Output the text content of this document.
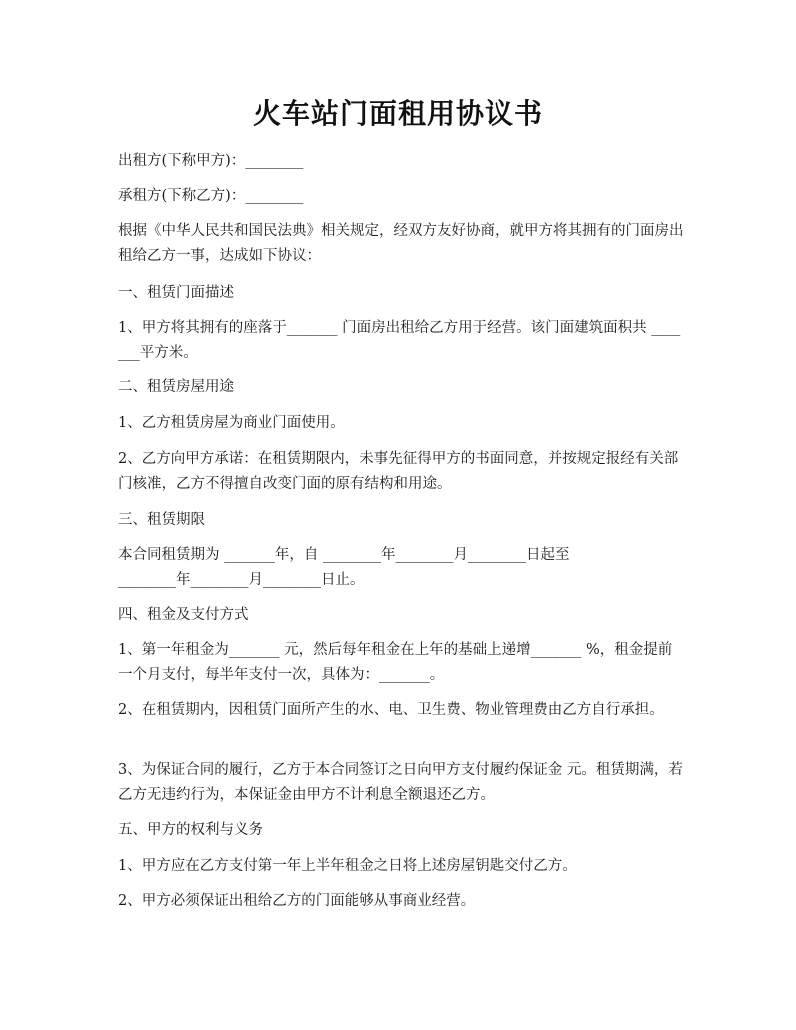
火车站门面租用协议书

出租方(下称甲方)：________

承租方(下称乙方)：________

根据《中华人民共和国民法典》相关规定，经双方友好协商，就甲方将其拥有的门面房出租给乙方一事，达成如下协议：

一、租赁门面描述

1、甲方将其拥有的座落于_______ 门面房出租给乙方用于经营。该门面建筑面积共 _______平方米。

二、租赁房屋用途

1、乙方租赁房屋为商业门面使用。

2、乙方向甲方承诺：在租赁期限内，未事先征得甲方的书面同意，并按规定报经有关部门核准，乙方不得擅自改变门面的原有结构和用途。

三、租赁期限

本合同租赁期为 _______年，自 ________年________月________日起至

________年________月________日止。

四、租金及支付方式

1、第一年租金为_______ 元，然后每年租金在上年的基础上递增_______ %，租金提前一个月支付，每半年支付一次，具体为：_______。

2、在租赁期内，因租赁门面所产生的水、电、卫生费、物业管理费由乙方自行承担。

3、为保证合同的履行，乙方于本合同签订之日向甲方支付履约保证金 元。租赁期满，若乙方无违约行为，本保证金由甲方不计利息全额退还乙方。

五、甲方的权利与义务

1、甲方应在乙方支付第一年上半年租金之日将上述房屋钥匙交付乙方。

2、甲方必须保证出租给乙方的门面能够从事商业经营。
